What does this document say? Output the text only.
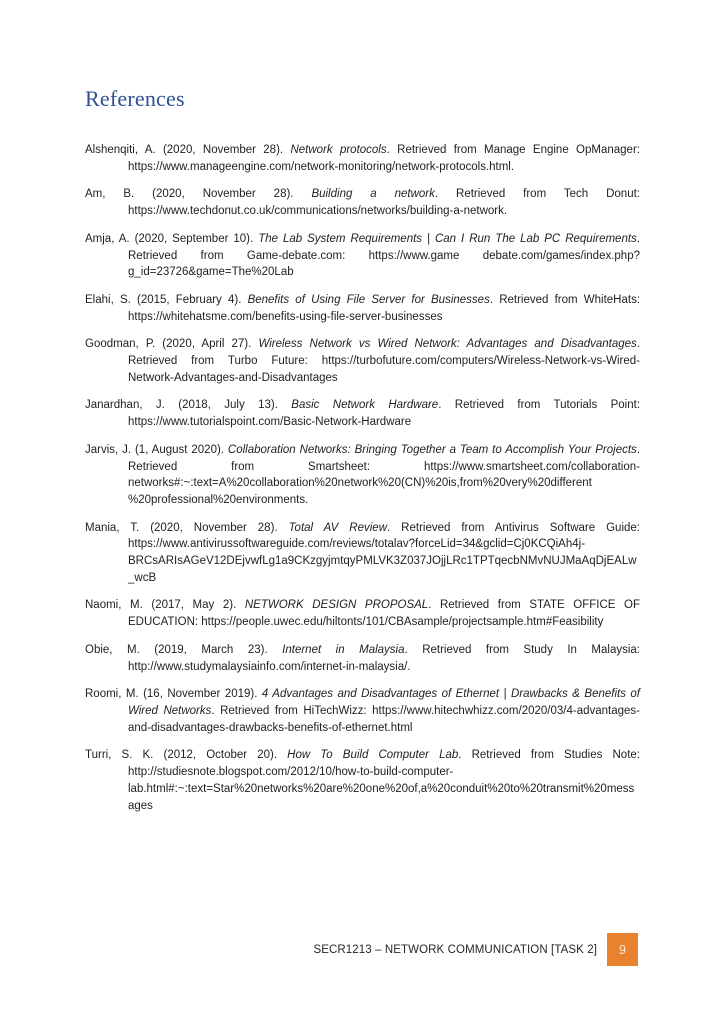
References

Alshenqiti, A. (2020, November 28). Network protocols. Retrieved from Manage Engine OpManager: https://www.manageengine.com/network-monitoring/network-protocols.html.

Am, B. (2020, November 28). Building a network. Retrieved from Tech Donut: https://www.techdonut.co.uk/communications/networks/building-a-network.

Amja, A. (2020, September 10). The Lab System Requirements | Can I Run The Lab PC Requirements. Retrieved from Game-debate.com: https://www.game debate.com/games/index.php?g_id=23726&game=The%20Lab

Elahi, S. (2015, February 4). Benefits of Using File Server for Businesses. Retrieved from WhiteHats: https://whitehatsme.com/benefits-using-file-server-businesses

Goodman, P. (2020, April 27). Wireless Network vs Wired Network: Advantages and Disadvantages. Retrieved from Turbo Future: https://turbofuture.com/computers/Wireless-Network-vs-Wired-Network-Advantages-and-Disadvantages

Janardhan, J. (2018, July 13). Basic Network Hardware. Retrieved from Tutorials Point: https://www.tutorialspoint.com/Basic-Network-Hardware

Jarvis, J. (1, August 2020). Collaboration Networks: Bringing Together a Team to Accomplish Your Projects. Retrieved from Smartsheet: https://www.smartsheet.com/collaboration-networks#:~:text=A%20collaboration%20network%20(CN)%20is,from%20very%20different %20professional%20environments.

Mania, T. (2020, November 28). Total AV Review. Retrieved from Antivirus Software Guide: https://www.antivirussoftwareguide.com/reviews/totalav?forceLid=34&gclid=Cj0KCQiAh4j-BRCsARIsAGeV12DEjvwfLg1a9CKzgyjmtqyPMLVK3Z037JOjjLRc1TPTqecbNMvNUJMaAqDjEALw_wcB

Naomi, M. (2017, May 2). NETWORK DESIGN PROPOSAL. Retrieved from STATE OFFICE OF EDUCATION: https://people.uwec.edu/hiltonts/101/CBAsample/projectsample.htm#Feasibility

Obie, M. (2019, March 23). Internet in Malaysia. Retrieved from Study In Malaysia: http://www.studymalaysiainfo.com/internet-in-malaysia/.

Roomi, M. (16, November 2019). 4 Advantages and Disadvantages of Ethernet | Drawbacks & Benefits of Wired Networks. Retrieved from HiTechWizz: https://www.hitechwhizz.com/2020/03/4-advantages-and-disadvantages-drawbacks-benefits-of-ethernet.html

Turri, S. K. (2012, October 20). How To Build Computer Lab. Retrieved from Studies Note: http://studiesnote.blogspot.com/2012/10/how-to-build-computer-lab.html#:~:text=Star%20networks%20are%20one%20of,a%20conduit%20to%20transmit%20messages

SECR1213 – NETWORK COMMUNICATION [TASK 2]	9
